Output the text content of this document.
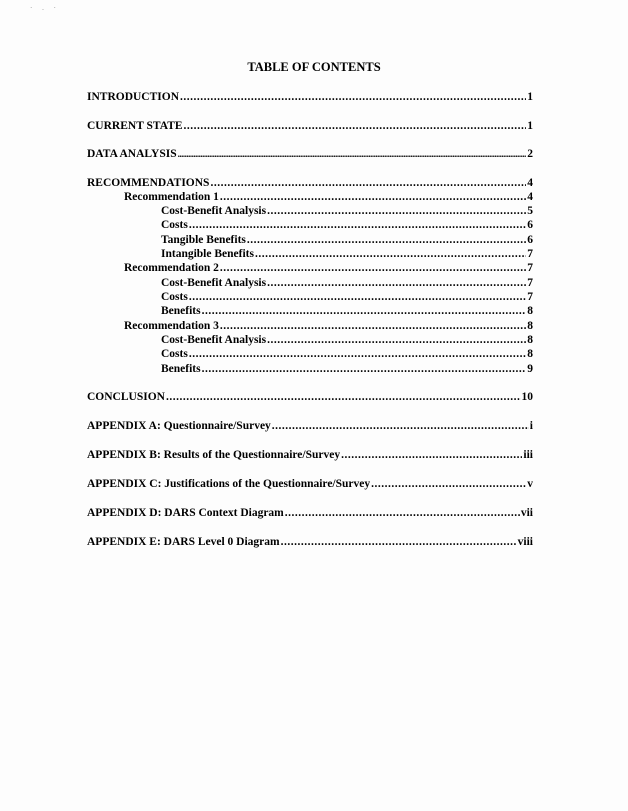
· . ·
TABLE OF CONTENTS
INTRODUCTION .....	1
CURRENT STATE .....	1
DATA ANALYSIS .....	2
RECOMMENDATIONS .....	4
Recommendation 1 .....	4
Cost-Benefit Analysis .....	5
Costs .....	6
Tangible Benefits .....	6
Intangible Benefits .....	7
Recommendation 2 .....	7
Cost-Benefit Analysis .....	7
Costs .....	7
Benefits .....	8
Recommendation 3 .....	8
Cost-Benefit Analysis .....	8
Costs .....	8
Benefits .....	9
CONCLUSION .....	10
APPENDIX A: Questionnaire/Survey .....	i
APPENDIX B: Results of the Questionnaire/Survey .....	iii
APPENDIX C: Justifications of the Questionnaire/Survey .....	v
APPENDIX D: DARS Context Diagram .....	vii
APPENDIX E: DARS Level 0 Diagram .....	viii
